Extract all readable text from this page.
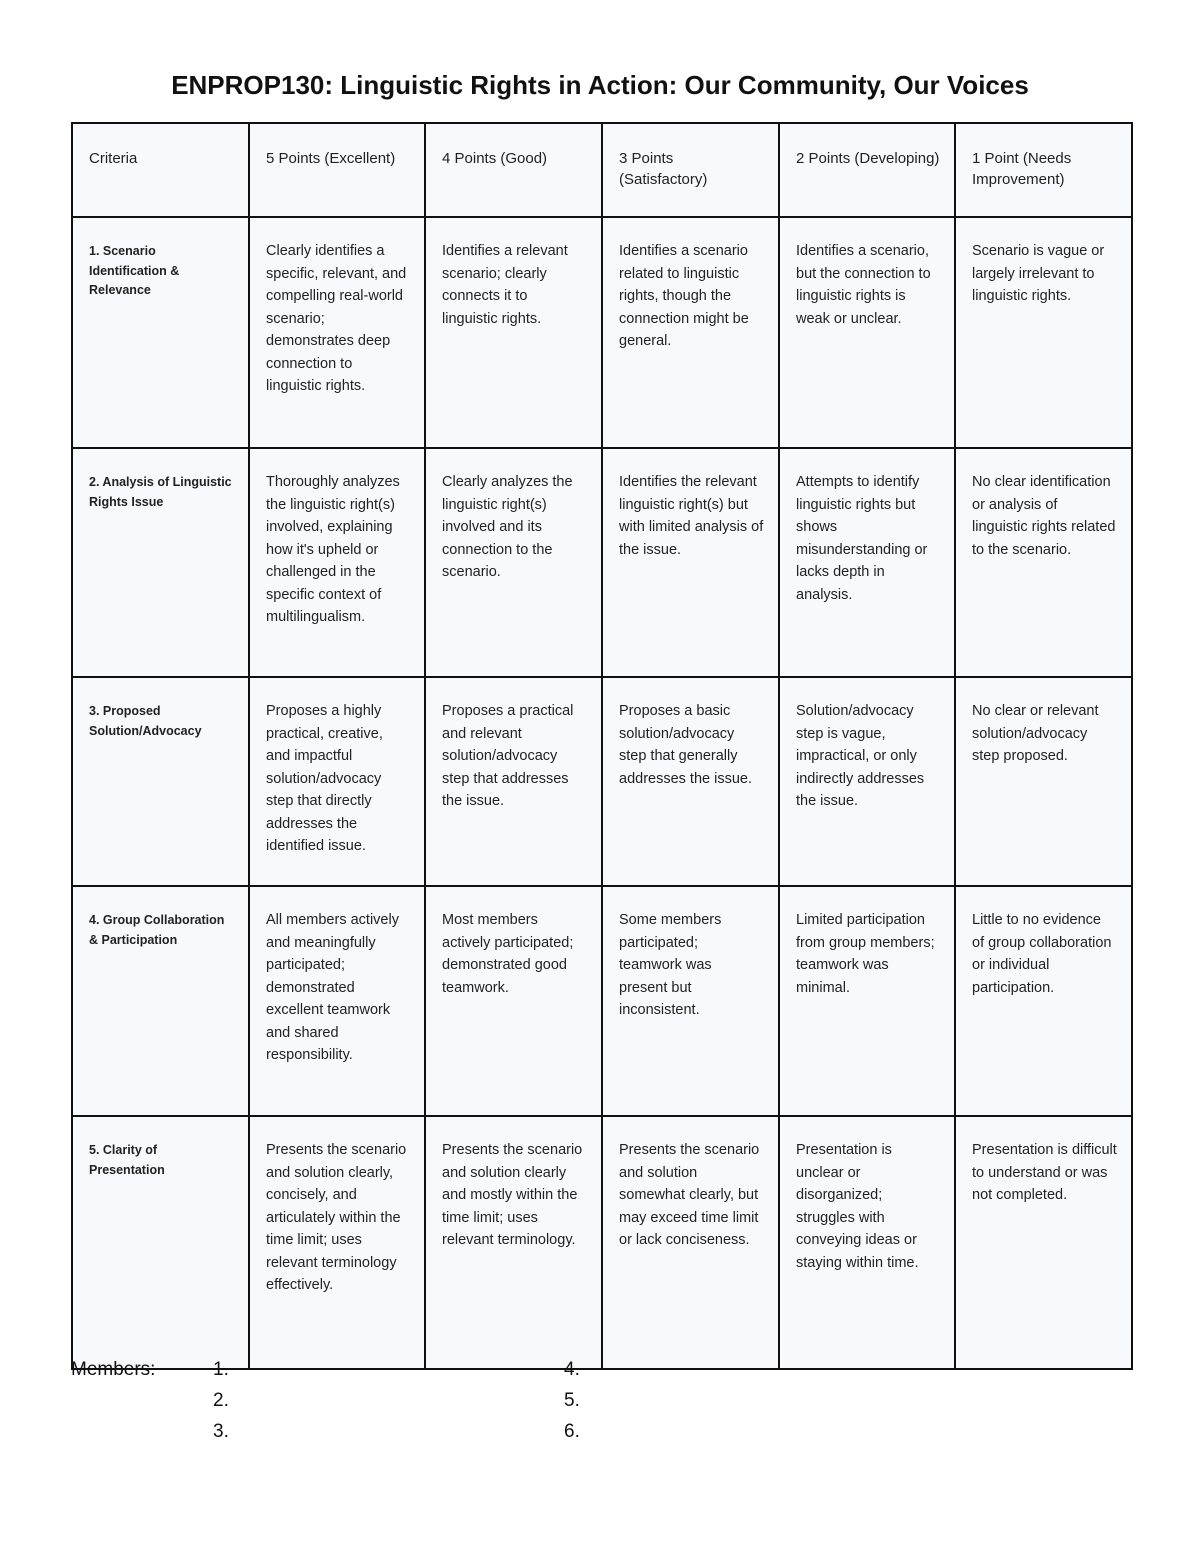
ENPROP130: Linguistic Rights in Action: Our Community, Our Voices
Criteria	5 Points (Excellent)	4 Points (Good)	3 Points (Satisfactory)	2 Points (Developing)	1 Point (Needs Improvement)
1. Scenario Identification & Relevance	Clearly identifies a specific, relevant, and compelling real-world scenario; demonstrates deep connection to linguistic rights.	Identifies a relevant scenario; clearly connects it to linguistic rights.	Identifies a scenario related to linguistic rights, though the connection might be general.	Identifies a scenario, but the connection to linguistic rights is weak or unclear.	Scenario is vague or largely irrelevant to linguistic rights.
2. Analysis of Linguistic Rights Issue	Thoroughly analyzes the linguistic right(s) involved, explaining how it's upheld or challenged in the specific context of multilingualism.	Clearly analyzes the linguistic right(s) involved and its connection to the scenario.	Identifies the relevant linguistic right(s) but with limited analysis of the issue.	Attempts to identify linguistic rights but shows misunderstanding or lacks depth in analysis.	No clear identification or analysis of linguistic rights related to the scenario.
3. Proposed Solution/Advocacy	Proposes a highly practical, creative, and impactful solution/advocacy step that directly addresses the identified issue.	Proposes a practical and relevant solution/advocacy step that addresses the issue.	Proposes a basic solution/advocacy step that generally addresses the issue.	Solution/advocacy step is vague, impractical, or only indirectly addresses the issue.	No clear or relevant solution/advocacy step proposed.
4. Group Collaboration & Participation	All members actively and meaningfully participated; demonstrated excellent teamwork and shared responsibility.	Most members actively participated; demonstrated good teamwork.	Some members participated; teamwork was present but inconsistent.	Limited participation from group members; teamwork was minimal.	Little to no evidence of group collaboration or individual participation.
5. Clarity of Presentation	Presents the scenario and solution clearly, concisely, and articulately within the time limit; uses relevant terminology effectively.	Presents the scenario and solution clearly and mostly within the time limit; uses relevant terminology.	Presents the scenario and solution somewhat clearly, but may exceed time limit or lack conciseness.	Presentation is unclear or disorganized; struggles with conveying ideas or staying within time.	Presentation is difficult to understand or was not completed.
Members:	1.
2.
3.
4.
5.
6.
